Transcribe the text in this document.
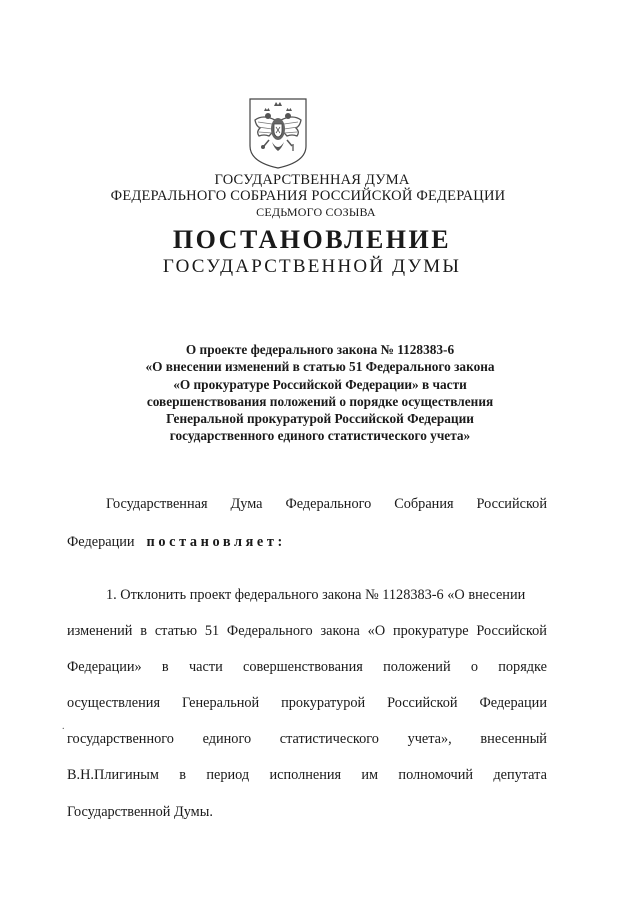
ГОСУДАРСТВЕННАЯ ДУМА
ФЕДЕРАЛЬНОГО СОБРАНИЯ РОССИЙСКОЙ ФЕДЕРАЦИИ
СЕДЬМОГО СОЗЫВА
ПОСТАНОВЛЕНИЕ
ГОСУДАРСТВЕННОЙ ДУМЫ
О проекте федерального закона № 1128383-6
«О внесении изменений в статью 51 Федерального закона
«О прокуратуре Российской Федерации» в части
совершенствования положений о порядке осуществления
Генеральной прокуратурой Российской Федерации
государственного единого статистического учета»
Государственная Дума Федерального Собрания Российской
Федерации постановляет:
1. Отклонить проект федерального закона № 1128383-6 «О внесении
изменений в статью 51 Федерального закона «О прокуратуре Российской
Федерации» в части совершенствования положений о порядке
осуществления Генеральной прокуратурой Российской Федерации
государственного единого статистического учета», внесенный
В.Н.Плигиным в период исполнения им полномочий депутата
Государственной Думы.
.
